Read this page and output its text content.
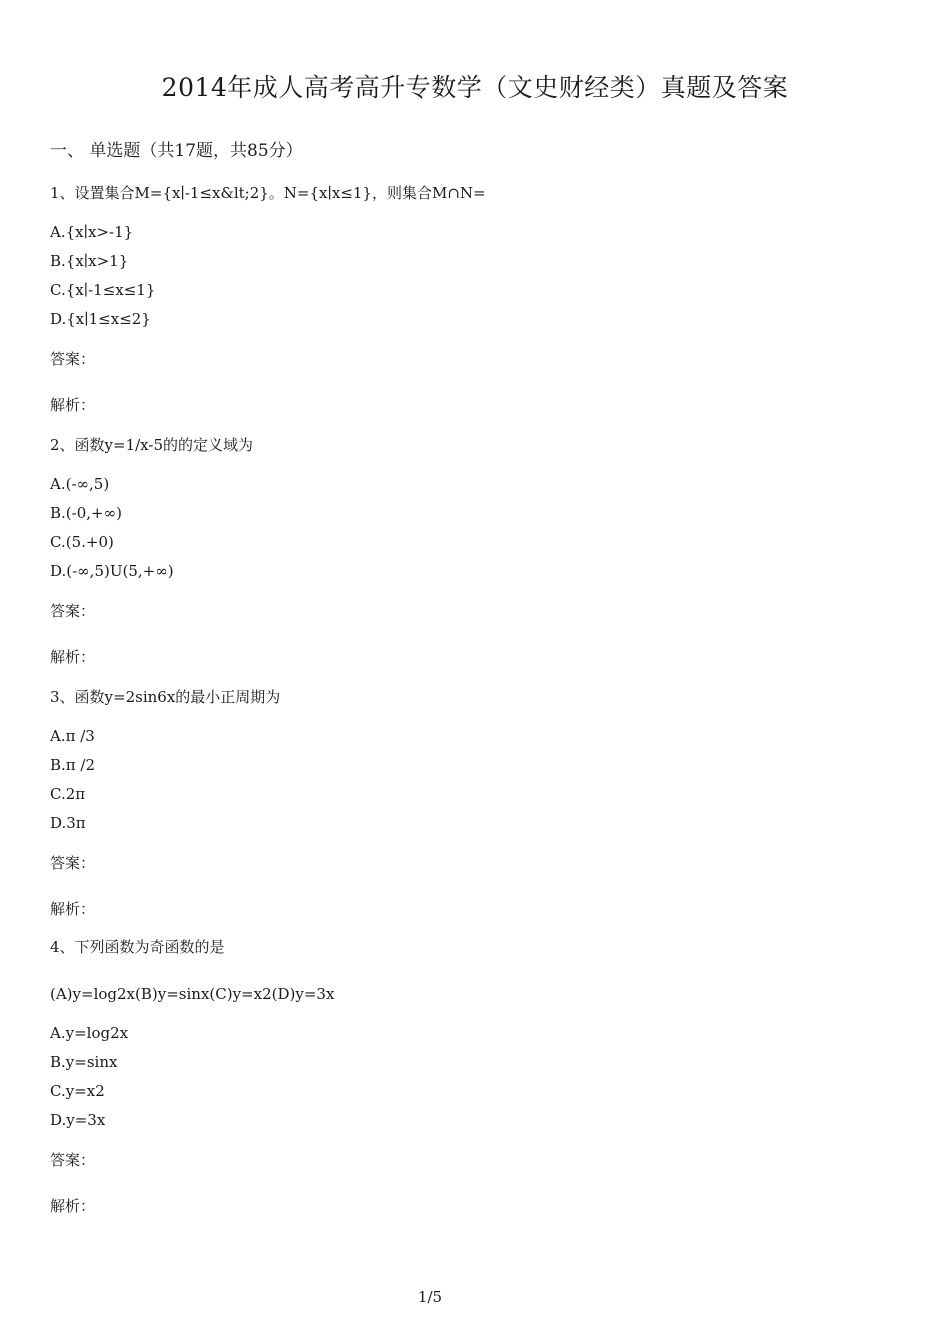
2014年成人高考高升专数学（文史财经类）真题及答案
一、 单选题（共17题，共85分）
1、设置集合M={x∣-1≤x&lt;2}。N={x∣x≤1}，则集合M∩N=
A.{x∣x>-1}
B.{x∣x>1}
C.{x∣-1≤x≤1}
D.{x∣1≤x≤2}
答案：
解析：
2、函数y=1/x-5的的定义域为
A.(-∞,5)
B.(-0,+∞)
C.(5.+0)
D.(-∞,5)U(5,+∞)
答案：
解析：
3、函数y=2sin6x的最小正周期为
A.π /3
B.π /2
C.2π
D.3π
答案：
解析：
4、下列函数为奇函数的是
(A)y=log2x(B)y=sinx(C)y=x2(D)y=3x
A.y=log2x
B.y=sinx
C.y=x2
D.y=3x
答案：
解析：
1/5
